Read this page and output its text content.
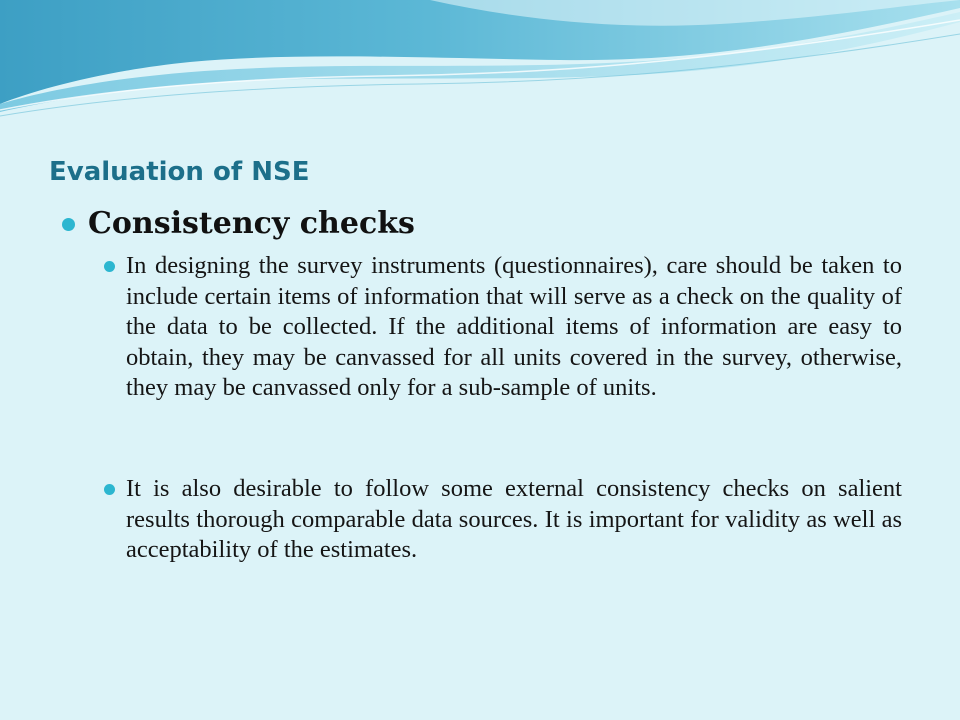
Evaluation of NSE
Consistency checks

In designing the survey instruments (questionnaires), care should be taken to include certain items of information that will serve as a check on the quality of the data to be collected. If the additional items of information are easy to obtain, they may be canvassed for all units covered in the survey, otherwise, they may be canvassed only for a sub-sample of units.

It is also desirable to follow some external consistency checks on salient results thorough comparable data sources. It is important for validity as well as acceptability of the estimates.
